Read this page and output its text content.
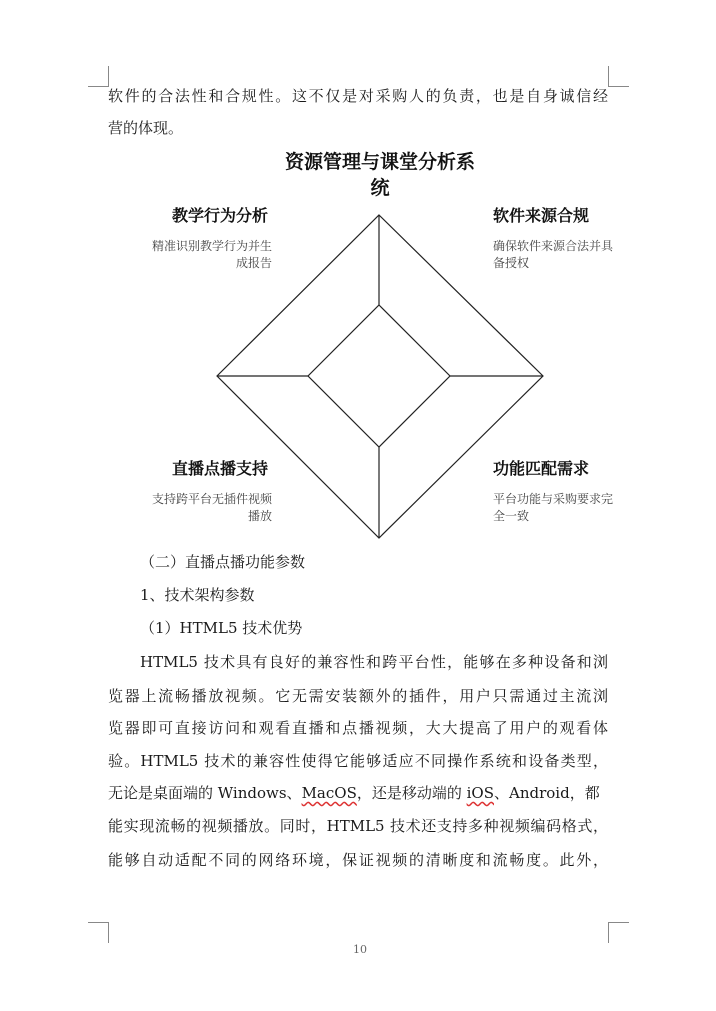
软件的合法性和合规性。这不仅是对采购人的负责，也是自身诚信经
营的体现。
资源管理与课堂分析系
统
教学行为分析
精准识别教学行为并生
成报告
软件来源合规
确保软件来源合法并具
备授权
直播点播支持
支持跨平台无插件视频
播放
功能匹配需求
平台功能与采购要求完
全一致
（二）直播点播功能参数
1、技术架构参数
（1）HTML5 技术优势
HTML5 技术具有良好的兼容性和跨平台性，能够在多种设备和浏
览器上流畅播放视频。它无需安装额外的插件，用户只需通过主流浏
览器即可直接访问和观看直播和点播视频，大大提高了用户的观看体
验。HTML5 技术的兼容性使得它能够适应不同操作系统和设备类型，
无论是桌面端的 Windows、MacOS，还是移动端的 iOS、Android，都
能实现流畅的视频播放。同时，HTML5 技术还支持多种视频编码格式，
能够自动适配不同的网络环境，保证视频的清晰度和流畅度。此外，
10
